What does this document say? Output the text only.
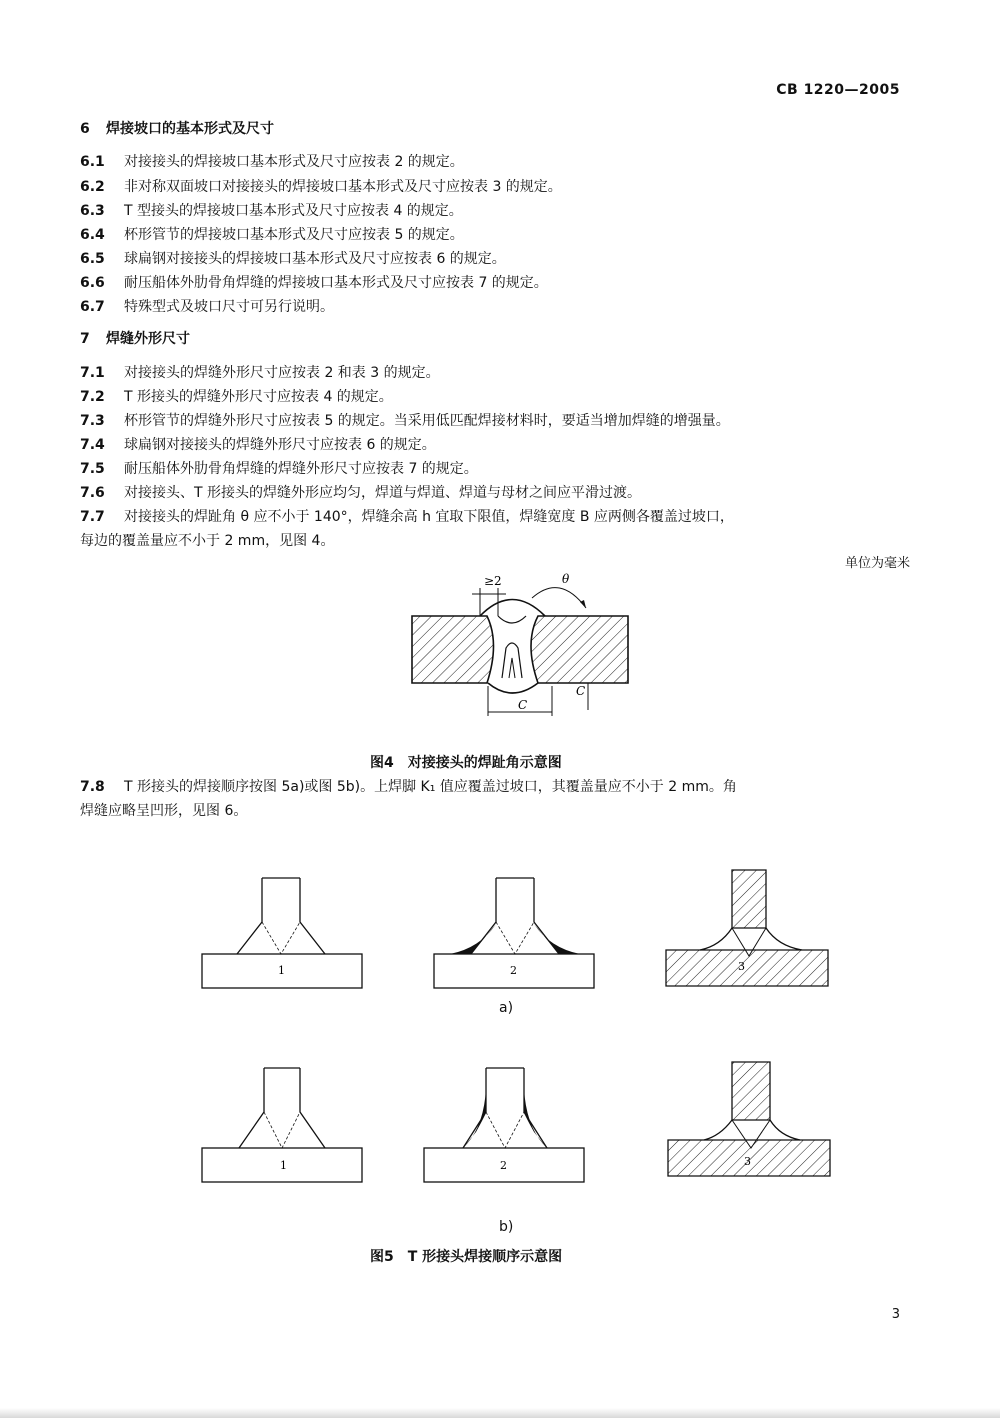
CB 1220—2005
6 焊接坡口的基本形式及尺寸
6.1 对接接头的焊接坡口基本形式及尺寸应按表 2 的规定。
6.2 非对称双面坡口对接接头的焊接坡口基本形式及尺寸应按表 3 的规定。
6.3 T 型接头的焊接坡口基本形式及尺寸应按表 4 的规定。
6.4 杯形管节的焊接坡口基本形式及尺寸应按表 5 的规定。
6.5 球扁钢对接接头的焊接坡口基本形式及尺寸应按表 6 的规定。
6.6 耐压船体外肋骨角焊缝的焊接坡口基本形式及尺寸应按表 7 的规定。
6.7 特殊型式及坡口尺寸可另行说明。
7 焊缝外形尺寸
7.1 对接接头的焊缝外形尺寸应按表 2 和表 3 的规定。
7.2 T 形接头的焊缝外形尺寸应按表 4 的规定。
7.3 杯形管节的焊缝外形尺寸应按表 5 的规定。当采用低匹配焊接材料时，要适当增加焊缝的增强量。
7.4 球扁钢对接接头的焊缝外形尺寸应按表 6 的规定。
7.5 耐压船体外肋骨角焊缝的焊缝外形尺寸应按表 7 的规定。
7.6 对接接头、T 形接头的焊缝外形应均匀，焊道与焊道、焊道与母材之间应平滑过渡。
7.7 对接接头的焊趾角 θ 应不小于 140°，焊缝余高 h 宜取下限值，焊缝宽度 B 应两侧各覆盖过坡口，
每边的覆盖量应不小于 2 mm，见图 4。
单位为毫米
≥2	θ
C
C
图4　对接接头的焊趾角示意图
7.8 T 形接头的焊接顺序按图 5a)或图 5b)。上焊脚 K₁ 值应覆盖过坡口，其覆盖量应不小于 2 mm。角
焊缝应略呈凹形，见图 6。
1	2	3
1	2	3
a)
b)
图5　T 形接头焊接顺序示意图
3
